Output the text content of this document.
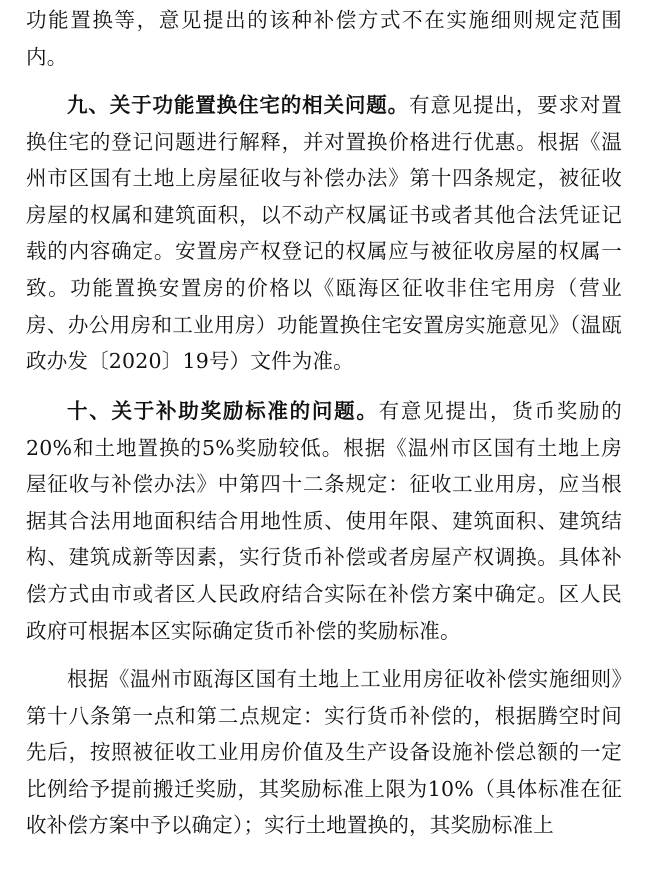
功能置换等，意见提出的该种补偿方式不在实施细则规定范围内。

九、关于功能置换住宅的相关问题。有意见提出，要求对置换住宅的登记问题进行解释，并对置换价格进行优惠。根据《温州市区国有土地上房屋征收与补偿办法》第十四条规定，被征收房屋的权属和建筑面积，以不动产权属证书或者其他合法凭证记载的内容确定。安置房产权登记的权属应与被征收房屋的权属一致。功能置换安置房的价格以《瓯海区征收非住宅用房（营业房、办公用房和工业用房）功能置换住宅安置房实施意见》（温瓯政办发〔2020〕19号）文件为准。

十、关于补助奖励标准的问题。有意见提出，货币奖励的20%和土地置换的5%奖励较低。根据《温州市区国有土地上房屋征收与补偿办法》中第四十二条规定：征收工业用房，应当根据其合法用地面积结合用地性质、使用年限、建筑面积、建筑结构、建筑成新等因素，实行货币补偿或者房屋产权调换。具体补偿方式由市或者区人民政府结合实际在补偿方案中确定。区人民政府可根据本区实际确定货币补偿的奖励标准。

根据《温州市瓯海区国有土地上工业用房征收补偿实施细则》第十八条第一点和第二点规定：实行货币补偿的，根据腾空时间先后，按照被征收工业用房价值及生产设备设施补偿总额的一定比例给予提前搬迁奖励，其奖励标准上限为10%（具体标准在征收补偿方案中予以确定）；实行土地置换的，其奖励标准上
